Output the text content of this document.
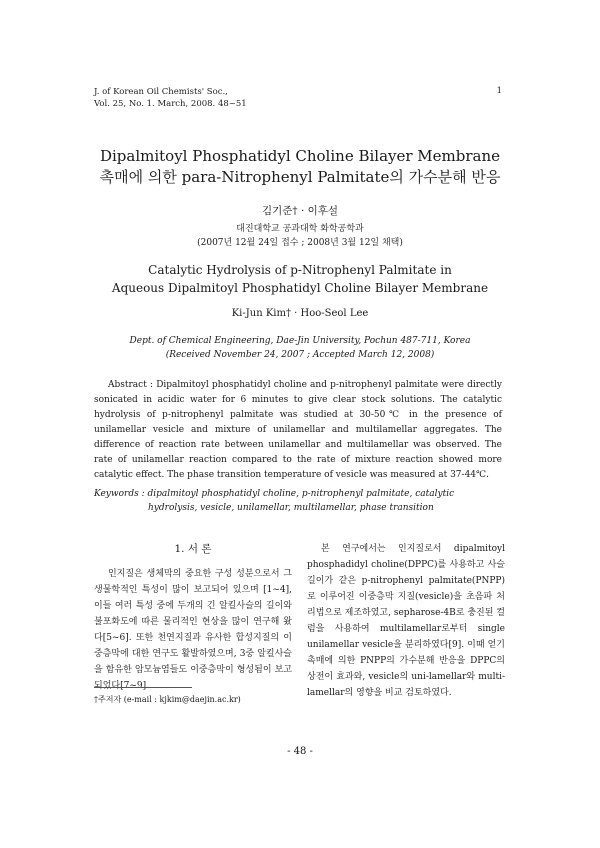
J. of Korean Oil Chemists' Soc.,
Vol. 25, No. 1. March, 2008. 48~51
1
Dipalmitoyl Phosphatidyl Choline Bilayer Membrane
촉매에 의한 para-Nitrophenyl Palmitate의 가수분해 반응
김기준† · 이후설
대진대학교 공과대학 화학공학과
(2007년 12월 24일 접수 ; 2008년 3월 12일 채택)
Catalytic Hydrolysis of p-Nitrophenyl Palmitate in
Aqueous Dipalmitoyl Phosphatidyl Choline Bilayer Membrane
Ki-Jun Kim† · Hoo-Seol Lee
Dept. of Chemical Engineering, Dae-Jin University, Pochun 487-711, Korea
(Received November 24, 2007 ; Accepted March 12, 2008)
Abstract : Dipalmitoyl phosphatidyl choline and p-nitrophenyl palmitate were directly sonicated in acidic water for 6 minutes to give clear stock solutions. The catalytic hydrolysis of p-nitrophenyl palmitate was studied at 30-50℃ in the presence of unilamellar vesicle and mixture of unilamellar and multilamellar aggregates. The difference of reaction rate between unilamellar and multilamellar was observed. The rate of unilamellar reaction compared to the rate of mixture reaction showed more catalytic effect. The phase transition temperature of vesicle was measured at 37-44℃.
Keywords : dipalmitoyl phosphatidyl choline, p-nitrophenyl palmitate, catalytic
hydrolysis, vesicle, unilamellar, multilamellar, phase transition
1. 서 론
인지질은 생체막의 중요한 구성 성분으로서 그 생물학적인 특성이 많이 보고되어 있으며 [1~4], 이들 여러 특성 중에 두개의 긴 알킬사슬의 길이와 불포화도에 따른 물리적인 현상을 많이 연구해 왔다[5~6]. 또한 천연지질과 유사한 합성지질의 이중층막에 대한 연구도 활발하였으며, 3중 알킬사슬을 함유한 암모늄염들도 이중층막이 형성됨이 보고되었다[7~9].
본 연구에서는 인지질로서 dipalmitoyl phosphadidyl choline(DPPC)를 사용하고 사슬 길이가 같은 p-nitrophenyl palmitate(PNPP)로 이루어진 이중층막 지질(vesicle)을 초음파 처리법으로 제조하였고, sepharose-4B로 충진된 컬럼을 사용하여 multilamellar로부터 single unilamellar vesicle을 분리하였다[9]. 이때 얻기 촉매에 의한 PNPP의 가수분해 반응을 DPPC의 상전이 효과와, vesicle의 uni-lamellar와 multi-lamellar의 영향을 비교 검토하였다.
†주저자 (e-mail : kjkim@daejin.ac.kr)
- 48 -
